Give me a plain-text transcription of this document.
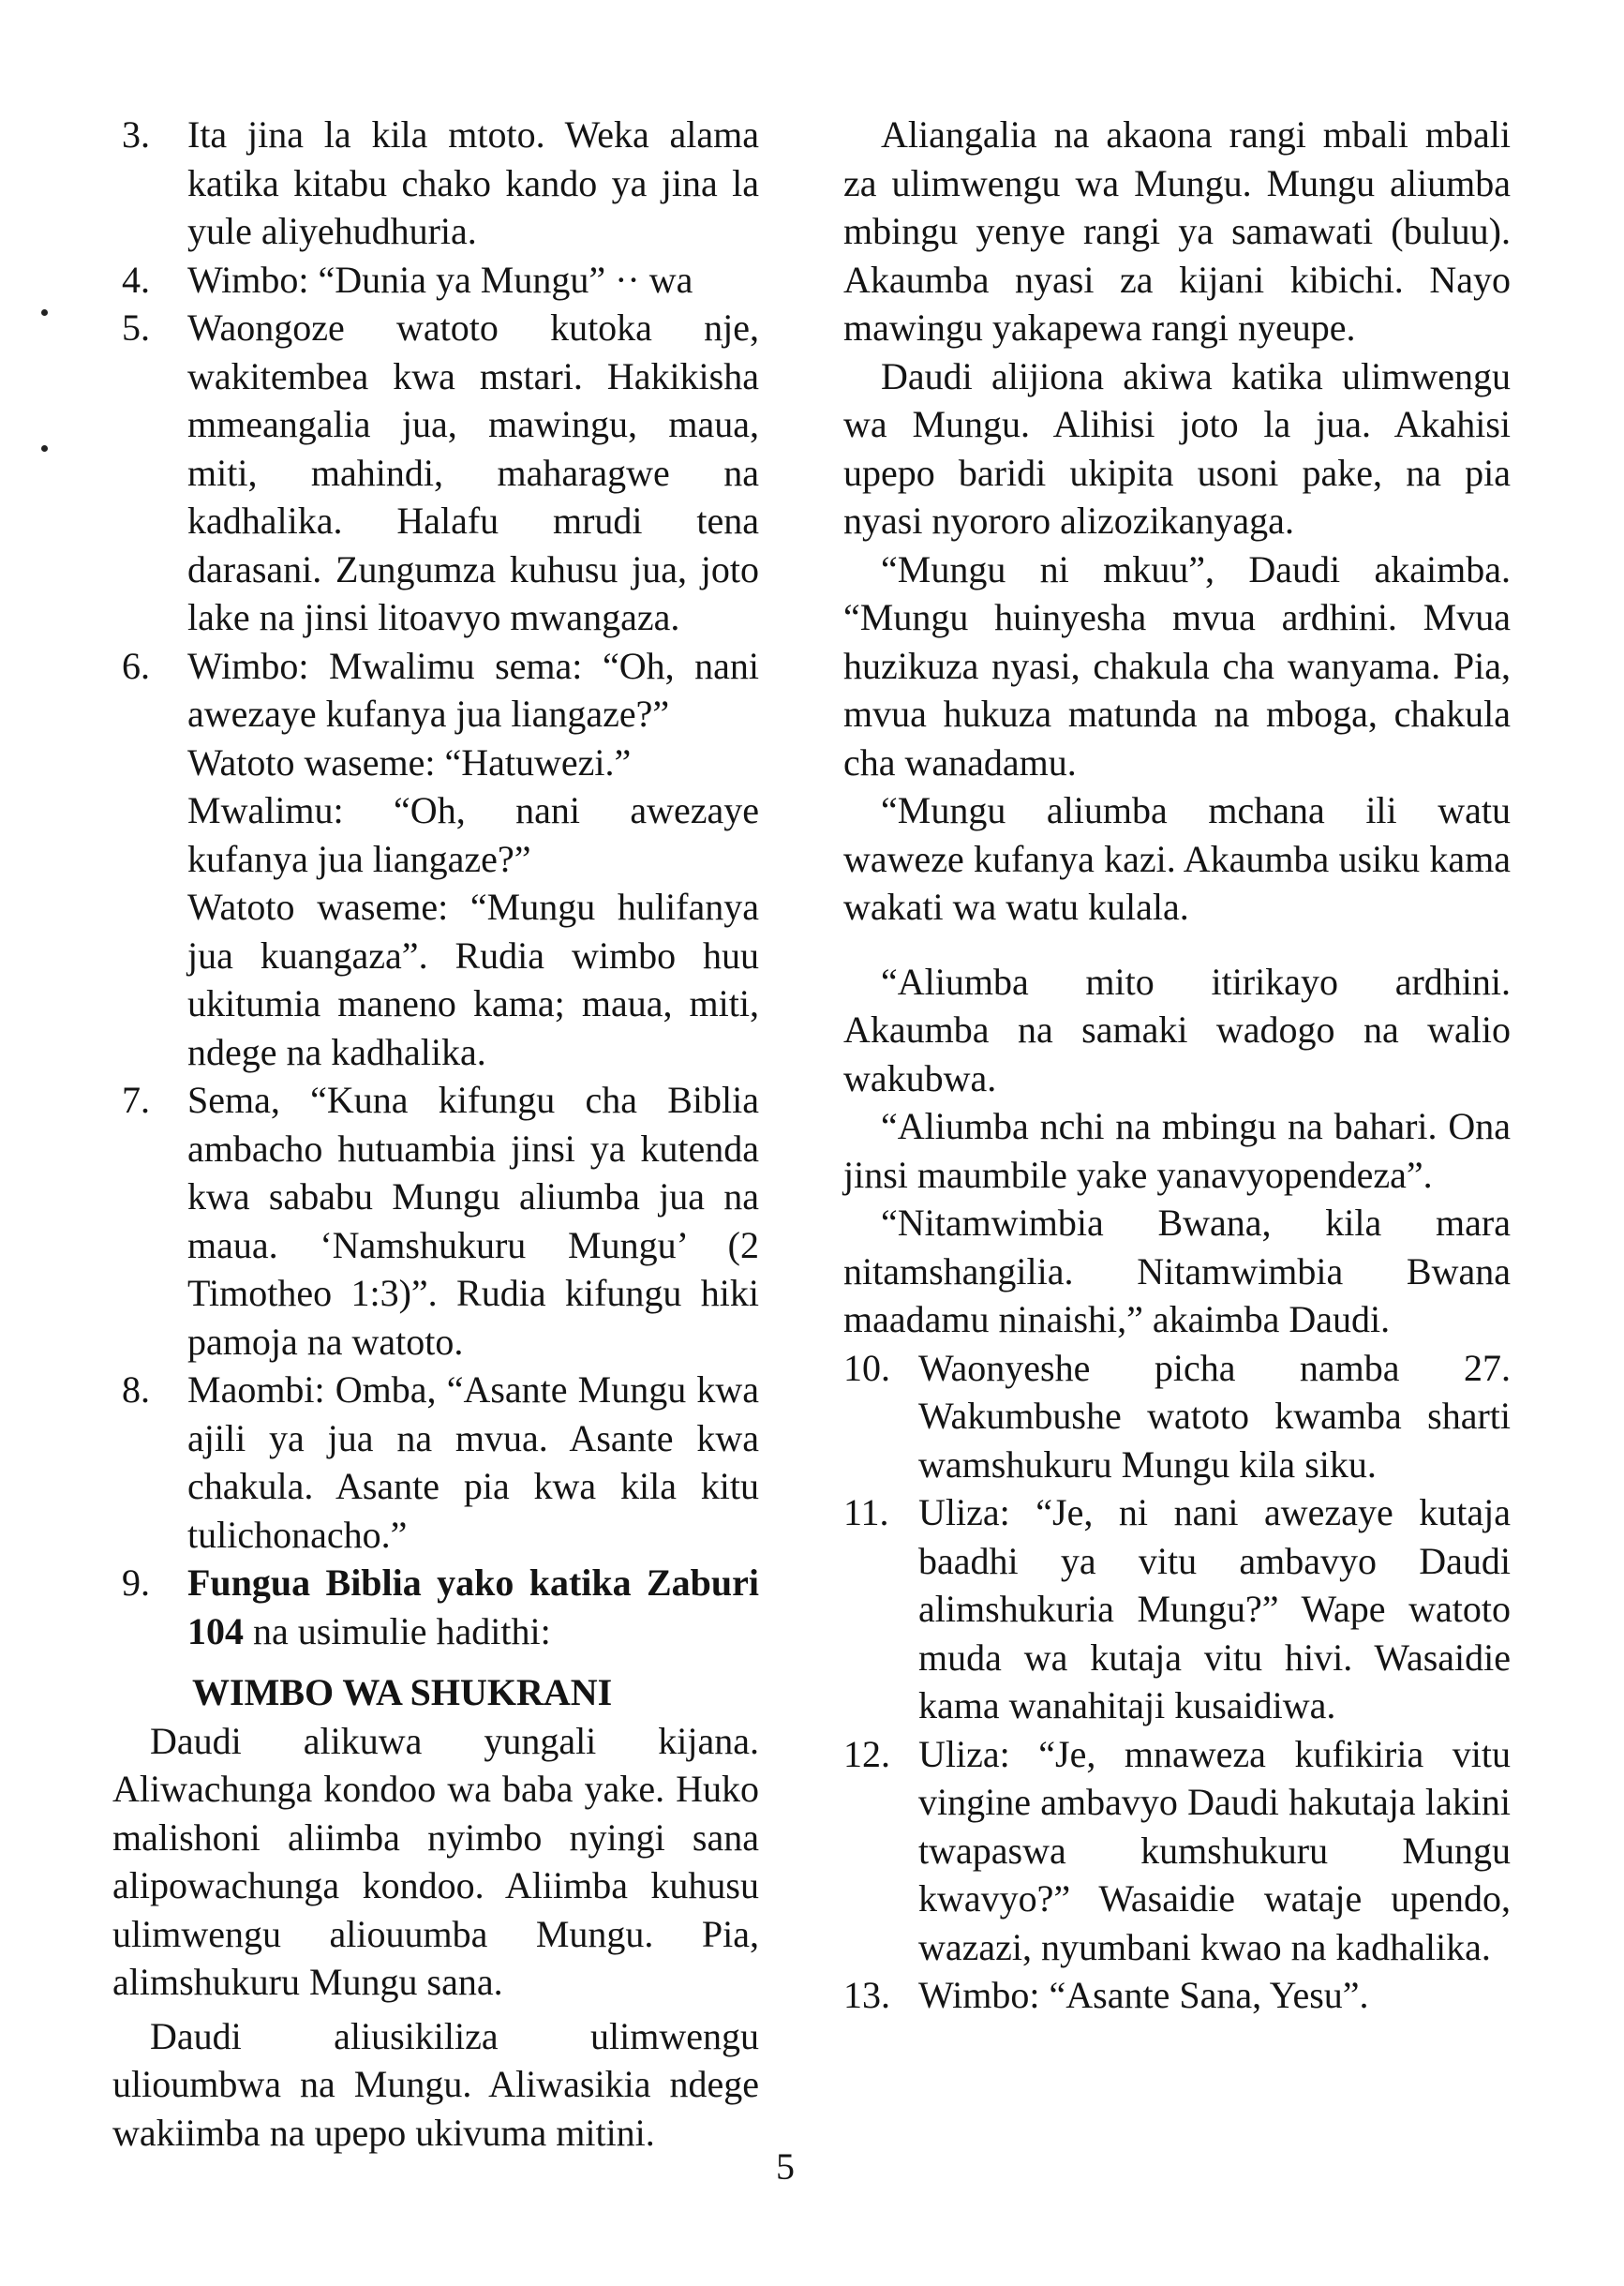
3. Ita jina la kila mtoto. Weka alama katika kitabu chako kando ya jina la yule aliyehudhuria.

4. Wimbo: “Dunia ya Mungu” ·· wa

5. Waongoze watoto kutoka nje, wakitembea kwa mstari. Hakikisha mmeangalia jua, mawingu, maua, miti, mahindi, maharagwe na kadhalika. Halafu mrudi tena darasani. Zungumza kuhusu jua, joto lake na jinsi litoavyo mwangaza.

6. Wimbo: Mwalimu sema: “Oh, nani awezaye kufanya jua liangaze?”
Watoto waseme: “Hatuwezi.”
Mwalimu: “Oh, nani awezaye kufanya jua liangaze?”
Watoto waseme: “Mungu hulifanya jua kuangaza”. Rudia wimbo huu ukitumia maneno kama; maua, miti, ndege na kadhalika.

7. Sema, “Kuna kifungu cha Biblia ambacho hutuambia jinsi ya kutenda kwa sababu Mungu aliumba jua na maua. ‘Namshukuru Mungu’ (2 Timotheo 1:3)”. Rudia kifungu hiki pamoja na watoto.

8. Maombi: Omba, “Asante Mungu kwa ajili ya jua na mvua. Asante kwa chakula. Asante pia kwa kila kitu tulichonacho.”

9. Fungua Biblia yako katika Zaburi 104 na usimulie hadithi:

WIMBO WA SHUKRANI

Daudi alikuwa yungali kijana. Aliwachunga kondoo wa baba yake. Huko malishoni aliimba nyimbo nyingi sana alipowachunga kondoo. Aliimba kuhusu ulimwengu aliouumba Mungu. Pia, alimshukuru Mungu sana.

Daudi aliusikiliza ulimwengu ulioumbwa na Mungu. Aliwasikia ndege wakiimba na upepo ukivuma mitini.

Aliangalia na akaona rangi mbali mbali za ulimwengu wa Mungu. Mungu aliumba mbingu yenye rangi ya samawati (buluu). Akaumba nyasi za kijani kibichi. Nayo mawingu yakapewa rangi nyeupe.

Daudi alijiona akiwa katika ulimwengu wa Mungu. Alihisi joto la jua. Akahisi upepo baridi ukipita usoni pake, na pia nyasi nyororo alizozikanyaga.

“Mungu ni mkuu”, Daudi akaimba. “Mungu huinyesha mvua ardhini. Mvua huzikuza nyasi, chakula cha wanyama. Pia, mvua hukuza matunda na mboga, chakula cha wanadamu.

“Mungu aliumba mchana ili watu waweze kufanya kazi. Akaumba usiku kama wakati wa watu kulala.

“Aliumba mito itirikayo ardhini. Akaumba na samaki wadogo na walio wakubwa.

“Aliumba nchi na mbingu na bahari. Ona jinsi maumbile yake yanavyopendeza”.

“Nitamwimbia Bwana, kila mara nitamshangilia. Nitamwimbia Bwana maadamu ninaishi,” akaimba Daudi.

10. Waonyeshe picha namba 27. Wakumbushe watoto kwamba sharti wamshukuru Mungu kila siku.

11. Uliza: “Je, ni nani awezaye kutaja baadhi ya vitu ambavyo Daudi alimshukuria Mungu?” Wape watoto muda wa kutaja vitu hivi. Wasaidie kama wanahitaji kusaidiwa.

12. Uliza: “Je, mnaweza kufikiria vitu vingine ambavyo Daudi hakutaja lakini twapaswa kumshukuru Mungu kwavyo?” Wasaidie wataje upendo, wazazi, nyumbani kwao na kadhalika.

13. Wimbo: “Asante Sana, Yesu”.

5
